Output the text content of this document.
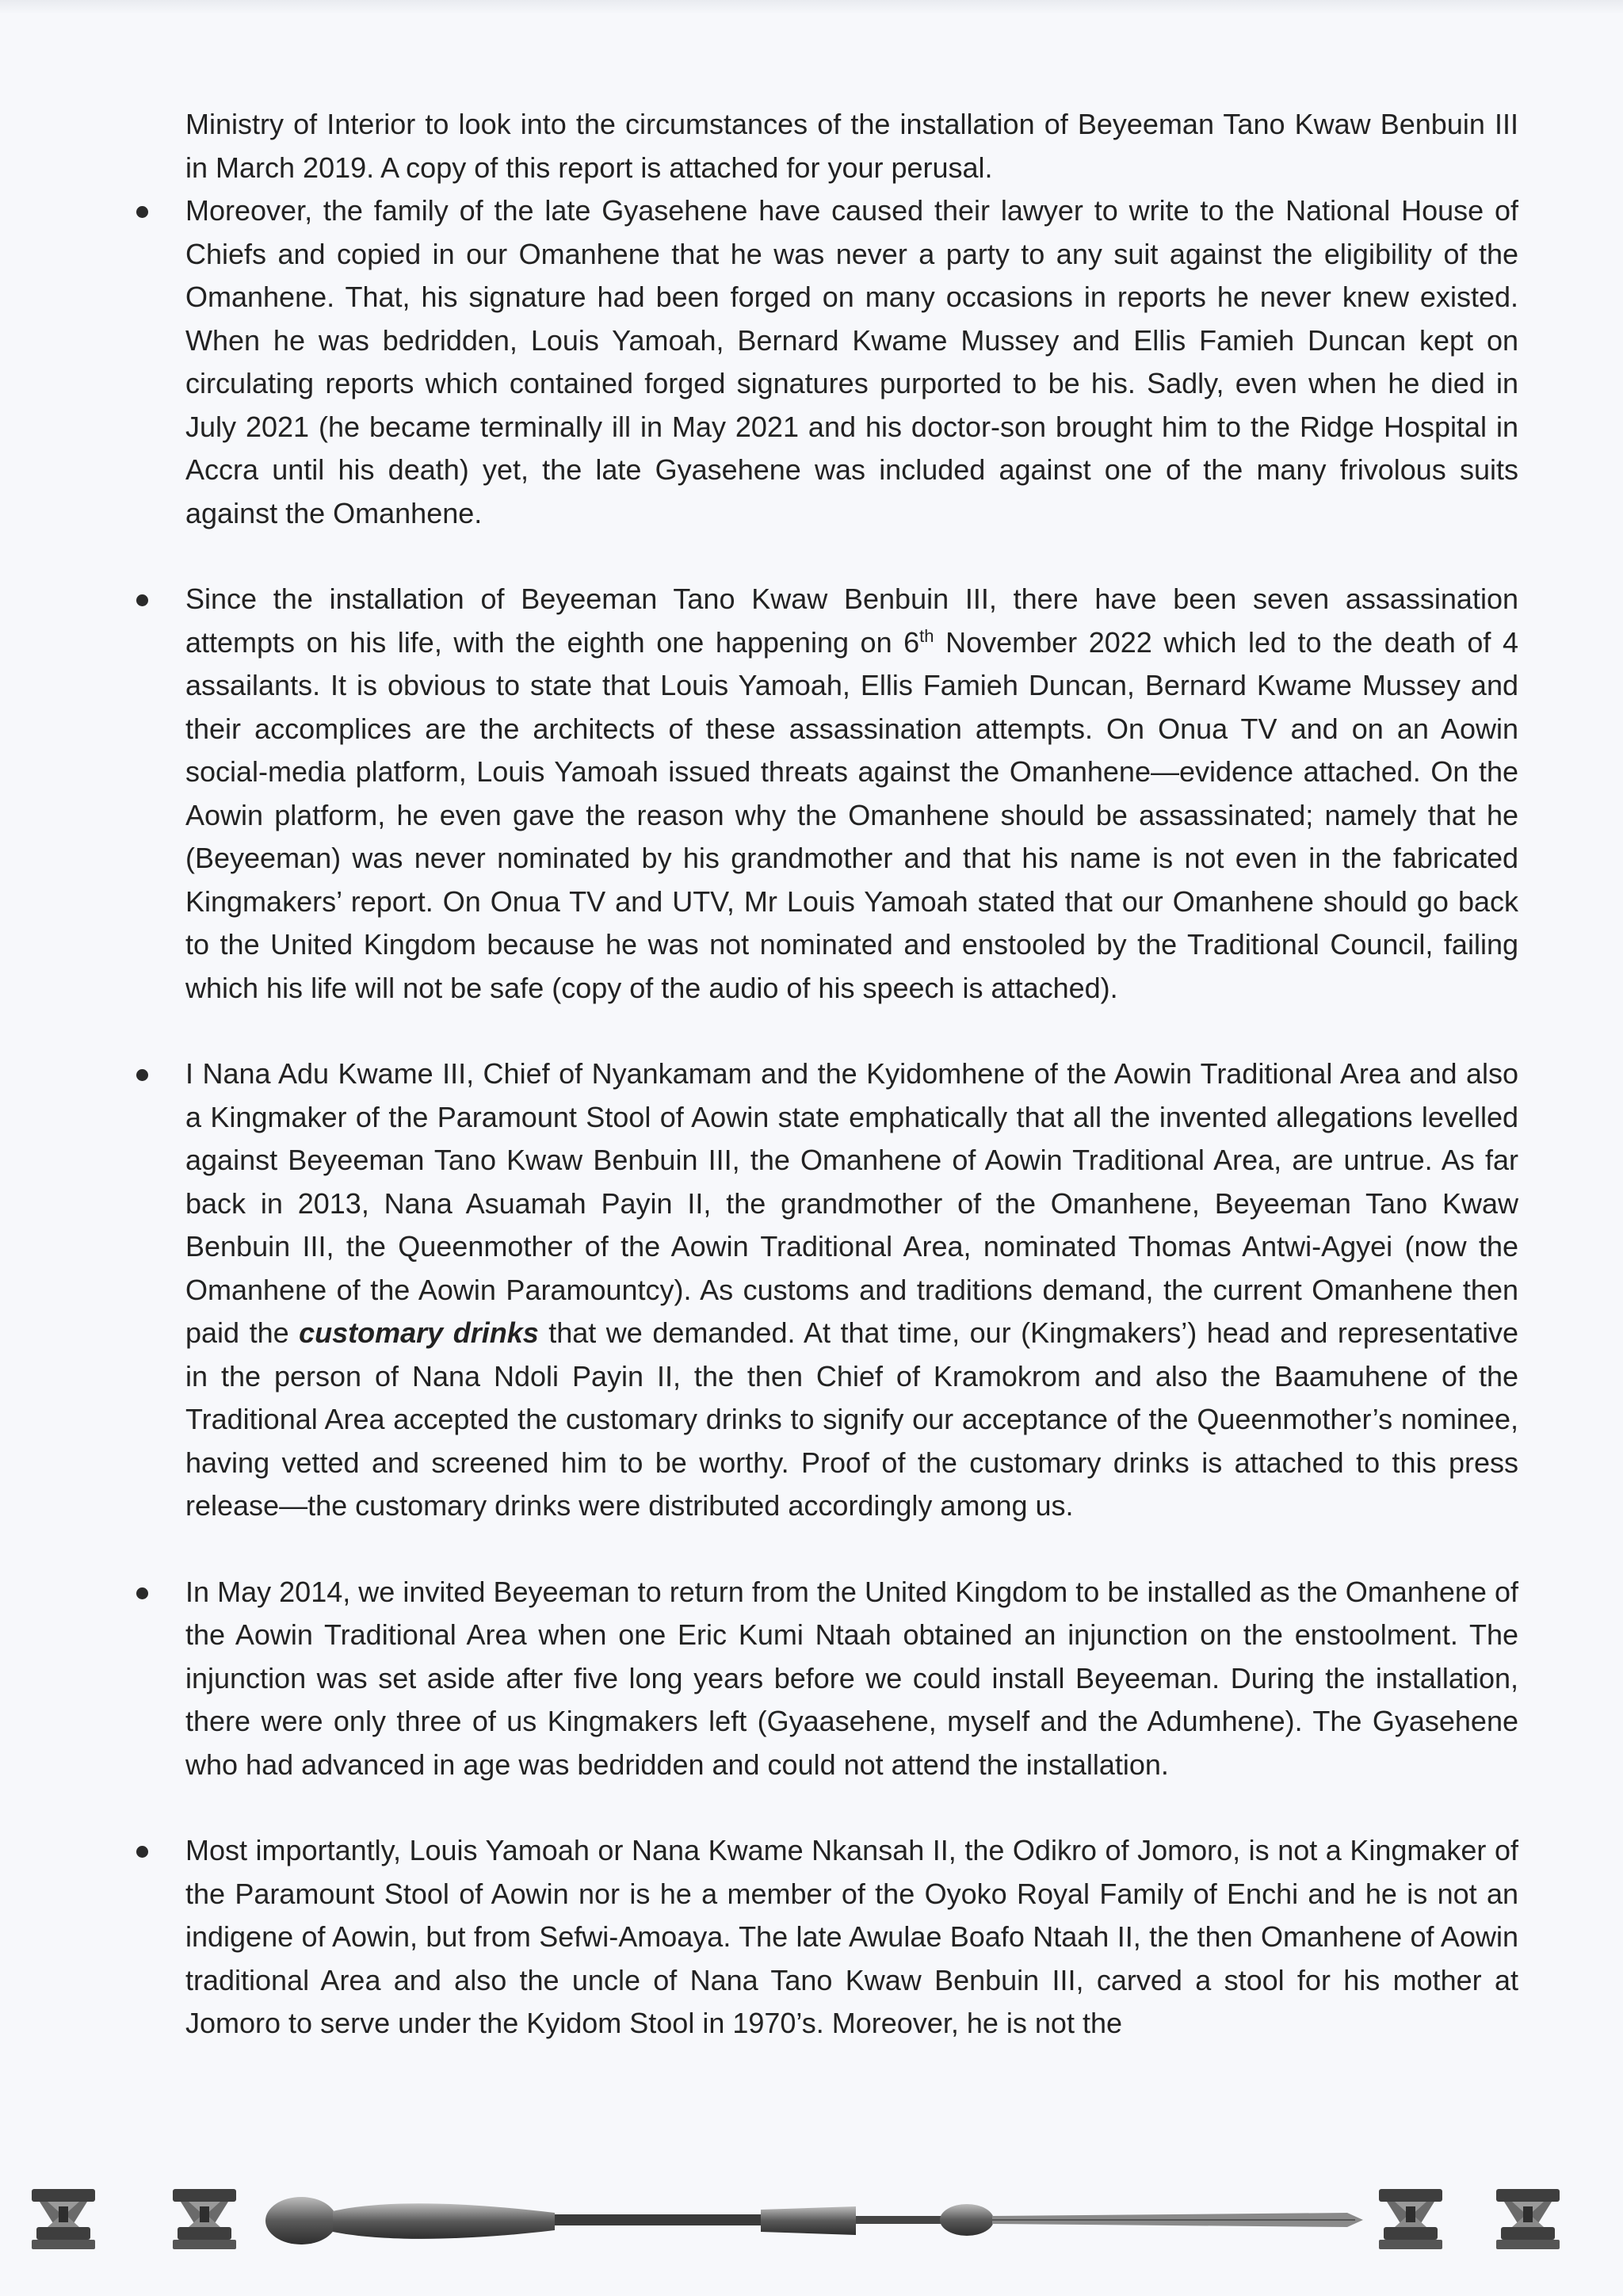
Ministry of Interior to look into the circumstances of the installation of Beyeeman Tano Kwaw Benbuin III in March 2019. A copy of this report is attached for your perusal.

Moreover, the family of the late Gyasehene have caused their lawyer to write to the National House of Chiefs and copied in our Omanhene that he was never a party to any suit against the eligibility of the Omanhene. That, his signature had been forged on many occasions in reports he never knew existed. When he was bedridden, Louis Yamoah, Bernard Kwame Mussey and Ellis Famieh Duncan kept on circulating reports which contained forged signatures purported to be his. Sadly, even when he died in July 2021 (he became terminally ill in May 2021 and his doctor-son brought him to the Ridge Hospital in Accra until his death) yet, the late Gyasehene was included against one of the many frivolous suits against the Omanhene.

Since the installation of Beyeeman Tano Kwaw Benbuin III, there have been seven assassination attempts on his life, with the eighth one happening on 6th November 2022 which led to the death of 4 assailants. It is obvious to state that Louis Yamoah, Ellis Famieh Duncan, Bernard Kwame Mussey and their accomplices are the architects of these assassination attempts. On Onua TV and on an Aowin social-media platform, Louis Yamoah issued threats against the Omanhene—evidence attached. On the Aowin platform, he even gave the reason why the Omanhene should be assassinated; namely that he (Beyeeman) was never nominated by his grandmother and that his name is not even in the fabricated Kingmakers’ report. On Onua TV and UTV, Mr Louis Yamoah stated that our Omanhene should go back to the United Kingdom because he was not nominated and enstooled by the Traditional Council, failing which his life will not be safe (copy of the audio of his speech is attached).

I Nana Adu Kwame III, Chief of Nyankamam and the Kyidomhene of the Aowin Traditional Area and also a Kingmaker of the Paramount Stool of Aowin state emphatically that all the invented allegations levelled against Beyeeman Tano Kwaw Benbuin III, the Omanhene of Aowin Traditional Area, are untrue. As far back in 2013, Nana Asuamah Payin II, the grandmother of the Omanhene, Beyeeman Tano Kwaw Benbuin III, the Queenmother of the Aowin Traditional Area, nominated Thomas Antwi-Agyei (now the Omanhene of the Aowin Paramountcy). As customs and traditions demand, the current Omanhene then paid the customary drinks that we demanded. At that time, our (Kingmakers’) head and representative in the person of Nana Ndoli Payin II, the then Chief of Kramokrom and also the Baamuhene of the Traditional Area accepted the customary drinks to signify our acceptance of the Queenmother’s nominee, having vetted and screened him to be worthy. Proof of the customary drinks is attached to this press release—the customary drinks were distributed accordingly among us.

In May 2014, we invited Beyeeman to return from the United Kingdom to be installed as the Omanhene of the Aowin Traditional Area when one Eric Kumi Ntaah obtained an injunction on the enstoolment. The injunction was set aside after five long years before we could install Beyeeman. During the installation, there were only three of us Kingmakers left (Gyaasehene, myself and the Adumhene). The Gyasehene who had advanced in age was bedridden and could not attend the installation.

Most importantly, Louis Yamoah or Nana Kwame Nkansah II, the Odikro of Jomoro, is not a Kingmaker of the Paramount Stool of Aowin nor is he a member of the Oyoko Royal Family of Enchi and he is not an indigene of Aowin, but from Sefwi-Amoaya. The late Awulae Boafo Ntaah II, the then Omanhene of Aowin traditional Area and also the uncle of Nana Tano Kwaw Benbuin III, carved a stool for his mother at Jomoro to serve under the Kyidom Stool in 1970’s. Moreover, he is not the
